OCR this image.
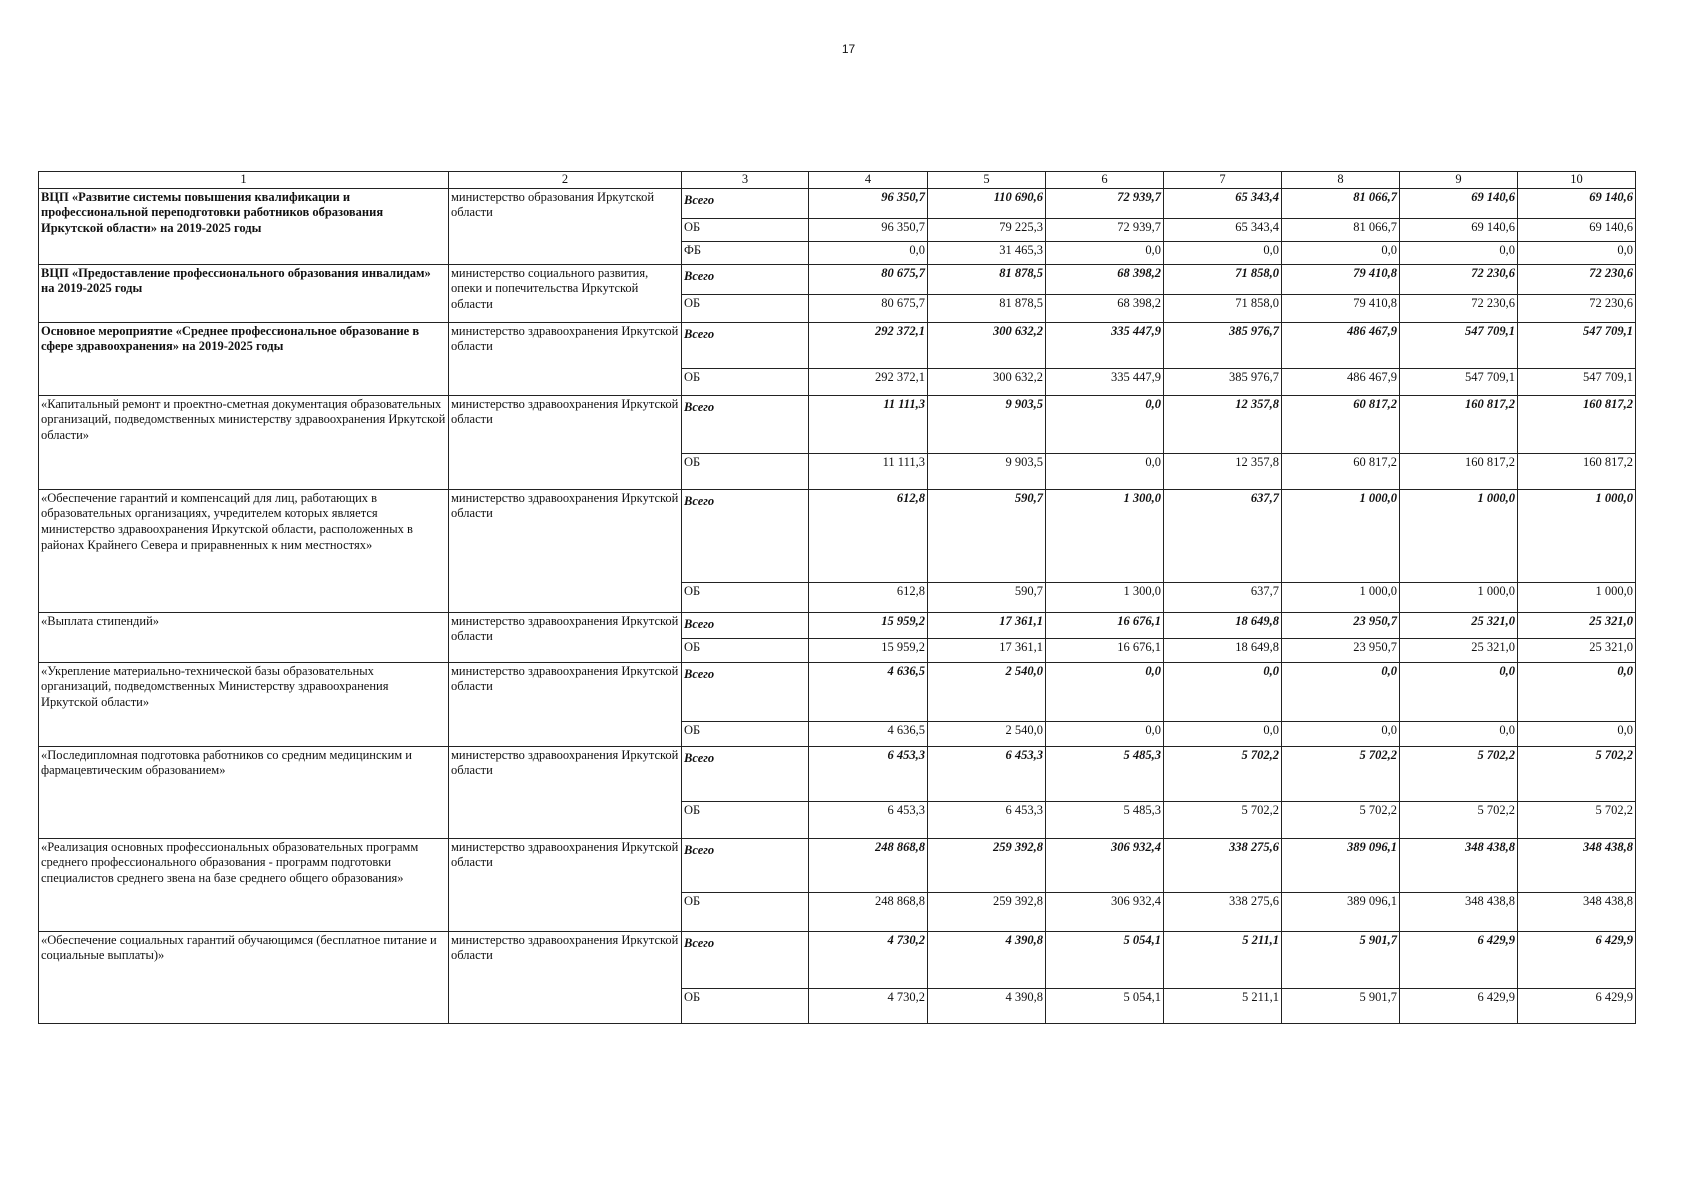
17
1	2	3	4	5	6	7	8	9	10
ВЦП «Развитие системы повышения квалификации и профессиональной переподготовки работников образования Иркутской области» на 2019-2025 годы	министерство образования Иркутской области	Всего	96 350,7	110 690,6	72 939,7	65 343,4	81 066,7	69 140,6	69 140,6
		ОБ	96 350,7	79 225,3	72 939,7	65 343,4	81 066,7	69 140,6	69 140,6
		ФБ	0,0	31 465,3	0,0	0,0	0,0	0,0	0,0
ВЦП «Предоставление профессионального образования инвалидам» на 2019-2025 годы	министерство социального развития, опеки и попечительства Иркутской области	Всего	80 675,7	81 878,5	68 398,2	71 858,0	79 410,8	72 230,6	72 230,6
		ОБ	80 675,7	81 878,5	68 398,2	71 858,0	79 410,8	72 230,6	72 230,6
Основное мероприятие «Среднее профессиональное образование в сфере здравоохранения» на 2019-2025 годы	министерство здравоохранения Иркутской области	Всего	292 372,1	300 632,2	335 447,9	385 976,7	486 467,9	547 709,1	547 709,1
		ОБ	292 372,1	300 632,2	335 447,9	385 976,7	486 467,9	547 709,1	547 709,1
«Капитальный ремонт и проектно-сметная документация образовательных организаций, подведомственных министерству здравоохранения Иркутской области»	министерство здравоохранения Иркутской области	Всего	11 111,3	9 903,5	0,0	12 357,8	60 817,2	160 817,2	160 817,2
		ОБ	11 111,3	9 903,5	0,0	12 357,8	60 817,2	160 817,2	160 817,2
«Обеспечение гарантий и компенсаций для лиц, работающих в образовательных организациях, учредителем которых является министерство здравоохранения Иркутской области, расположенных в районах Крайнего Севера и приравненных к ним местностях»	министерство здравоохранения Иркутской области	Всего	612,8	590,7	1 300,0	637,7	1 000,0	1 000,0	1 000,0
		ОБ	612,8	590,7	1 300,0	637,7	1 000,0	1 000,0	1 000,0
«Выплата стипендий»	министерство здравоохранения Иркутской области	Всего	15 959,2	17 361,1	16 676,1	18 649,8	23 950,7	25 321,0	25 321,0
		ОБ	15 959,2	17 361,1	16 676,1	18 649,8	23 950,7	25 321,0	25 321,0
«Укрепление материально-технической базы образовательных организаций, подведомственных Министерству здравоохранения Иркутской области»	министерство здравоохранения Иркутской области	Всего	4 636,5	2 540,0	0,0	0,0	0,0	0,0	0,0
		ОБ	4 636,5	2 540,0	0,0	0,0	0,0	0,0	0,0
«Последипломная подготовка работников со средним медицинским и фармацевтическим образованием»	министерство здравоохранения Иркутской области	Всего	6 453,3	6 453,3	5 485,3	5 702,2	5 702,2	5 702,2	5 702,2
		ОБ	6 453,3	6 453,3	5 485,3	5 702,2	5 702,2	5 702,2	5 702,2
«Реализация основных профессиональных образовательных программ среднего профессионального образования - программ подготовки специалистов среднего звена на базе среднего общего образования»	министерство здравоохранения Иркутской области	Всего	248 868,8	259 392,8	306 932,4	338 275,6	389 096,1	348 438,8	348 438,8
		ОБ	248 868,8	259 392,8	306 932,4	338 275,6	389 096,1	348 438,8	348 438,8
«Обеспечение социальных гарантий обучающимся (бесплатное питание и социальные выплаты)»	министерство здравоохранения Иркутской области	Всего	4 730,2	4 390,8	5 054,1	5 211,1	5 901,7	6 429,9	6 429,9
		ОБ	4 730,2	4 390,8	5 054,1	5 211,1	5 901,7	6 429,9	6 429,9
